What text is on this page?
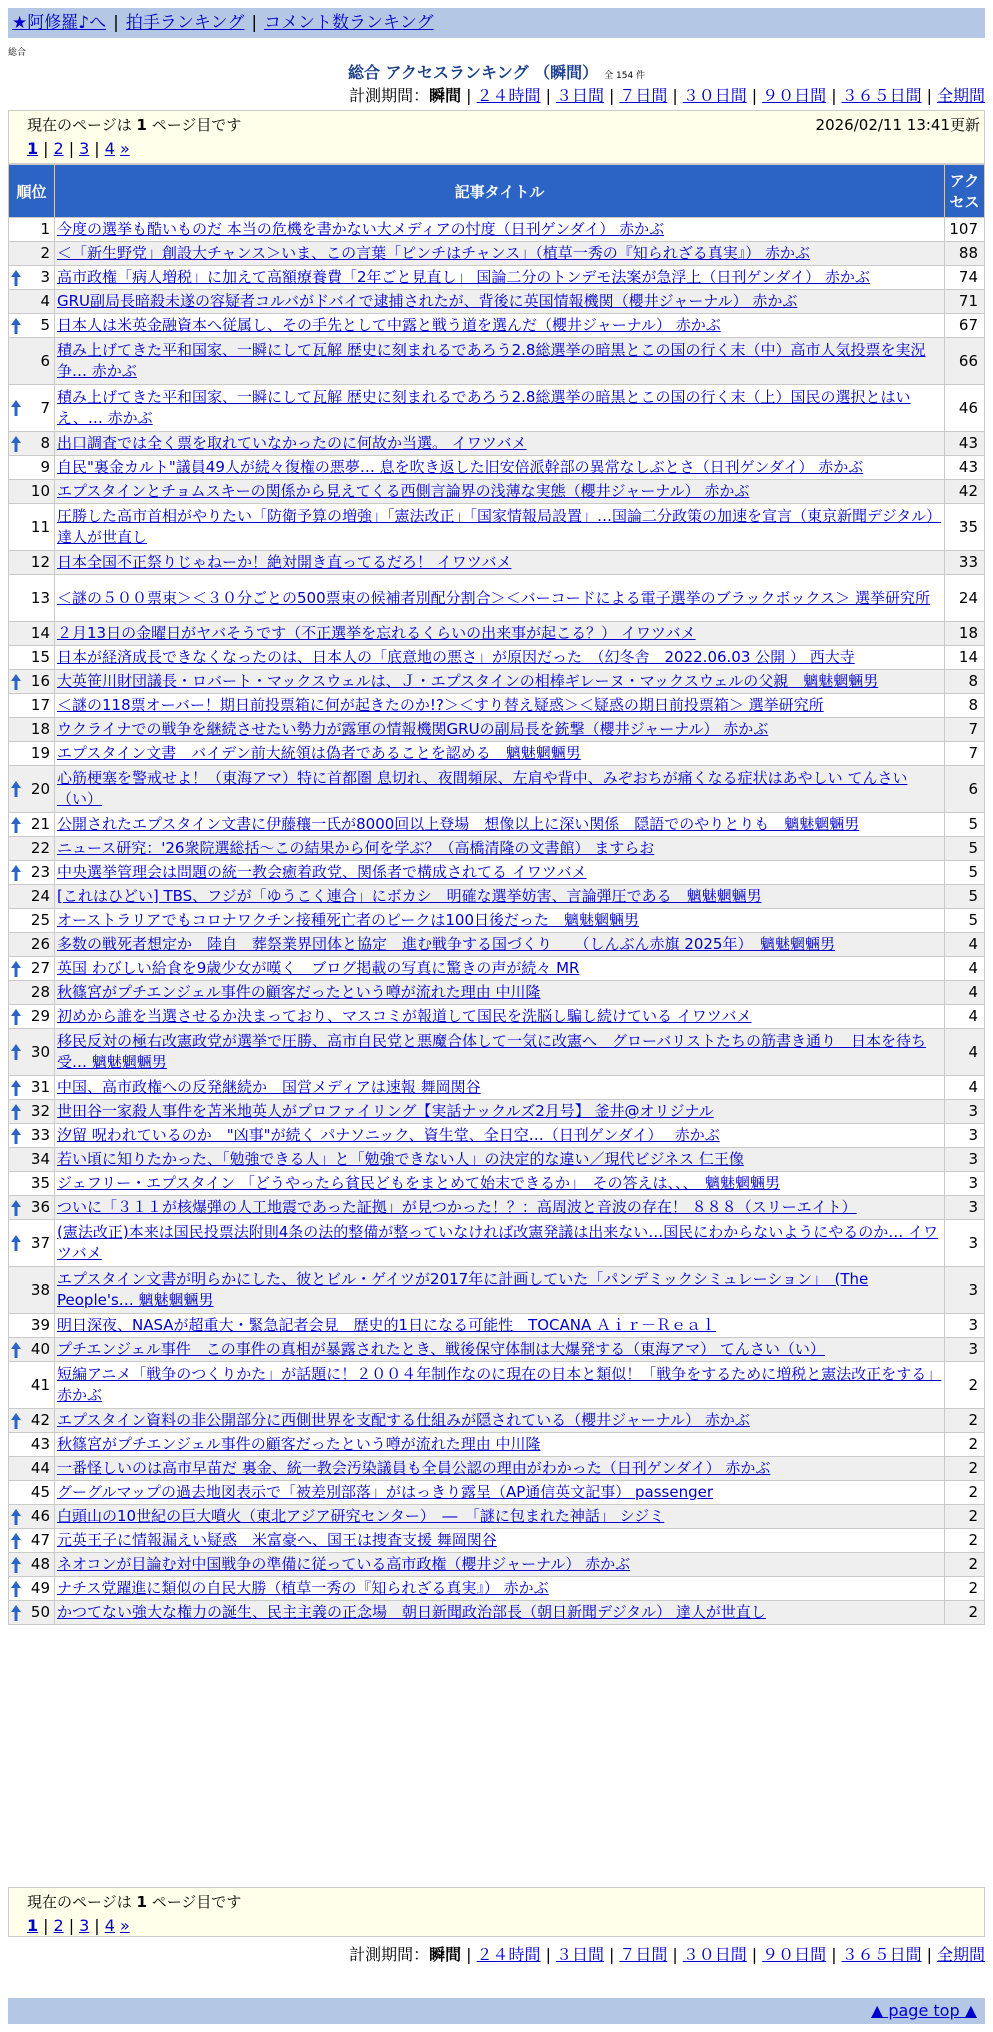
★阿修羅♪へ | 拍手ランキング | コメント数ランキング
総合
総合 アクセスランキング （瞬間） 全 154 件
計測期間：瞬間 | ２４時間 | ３日間 | ７日間 | ３０日間 | ９０日間 | ３６５日間 | 全期間
現在のページは 1 ページ目です	2026/02/11 13:41更新
1 | 2 | 3 | 4 »
順位	記事タイトル	アクセス
1	今度の選挙も酷いものだ 本当の危機を書かない大メディアの忖度（日刊ゲンダイ） 赤かぶ	107
2	＜「新生野党」創設大チャンス＞いま、この言葉「ピンチはチャンス」（植草一秀の『知られざる真実』） 赤かぶ	88

3	高市政権「病人増税」に加えて高額療養費「2年ごと見直し」 国論二分のトンデモ法案が急浮上（日刊ゲンダイ） 赤かぶ	74
4	GRU副局長暗殺未遂の容疑者コルバがドバイで逮捕されたが、背後に英国情報機関（櫻井ジャーナル） 赤かぶ	71

5	日本人は米英金融資本へ従属し、その手先として中露と戦う道を選んだ（櫻井ジャーナル） 赤かぶ	67
6	積み上げてきた平和国家、一瞬にして瓦解 歴史に刻まれるであろう2.8総選挙の暗黒とこの国の行く末（中）高市人気投票を実況争… 赤かぶ	66

7	積み上げてきた平和国家、一瞬にして瓦解 歴史に刻まれるであろう2.8総選挙の暗黒とこの国の行く末（上）国民の選択とはいえ、… 赤かぶ	46

8	出口調査では全く票を取れていなかったのに何故か当選。 イワツバメ	43
9	自民"裏金カルト"議員49人が続々復権の悪夢… 息を吹き返した旧安倍派幹部の異常なしぶとさ（日刊ゲンダイ） 赤かぶ	43
10	エプスタインとチョムスキーの関係から見えてくる西側言論界の浅薄な実態（櫻井ジャーナル） 赤かぶ	42
11	圧勝した高市首相がやりたい「防衛予算の増強」「憲法改正」「国家情報局設置」…国論二分政策の加速を宣言（東京新聞デジタル） 達人が世直し	35
12	日本全国不正祭りじゃねーか！絶対開き直ってるだろ！ イワツバメ	33
13	＜謎の５００票束＞＜３０分ごとの500票束の候補者別配分割合＞＜バーコードによる電子選挙のブラックボックス＞ 選挙研究所	24
14	２月13日の金曜日がヤバそうです（不正選挙を忘れるくらいの出来事が起こる？） イワツバメ	18
15	日本が経済成長できなくなったのは、日本人の「底意地の悪さ」が原因だった　（幻冬舎　2022.06.03 公開 ） 西大寺	14

16	大英笹川財団議長・ロバート・マックスウェルは、Ｊ・エプスタインの相棒ギレーヌ・マックスウェルの父親　魑魅魍魎男	8
17	＜謎の118票オーバー！期日前投票箱に何が起きたのか!?＞＜すり替え疑惑＞＜疑惑の期日前投票箱＞ 選挙研究所	8
18	ウクライナでの戦争を継続させたい勢力が露軍の情報機関GRUの副局長を銃撃（櫻井ジャーナル） 赤かぶ	7
19	エプスタイン文書　バイデン前大統領は偽者であることを認める　魑魅魍魎男	7

20	心筋梗塞を警戒せよ！（東海アマ）特に首都圏 息切れ、夜間頻尿、左肩や背中、みぞおちが痛くなる症状はあやしい てんさい（い）	6

21	公開されたエプスタイン文書に伊藤穰一氏が8000回以上登場　想像以上に深い関係　隠語でのやりとりも　魑魅魍魎男	5
22	ニュース研究：'26衆院選総括～この結果から何を学ぶ？（高橋清隆の文書館） ますらお	5

23	中央選挙管理会は問題の統一教会癒着政党、関係者で構成されてる イワツバメ	5
24	[これはひどい] TBS、フジが「ゆうこく連合」にボカシ　明確な選挙妨害、言論弾圧である　魑魅魍魎男	5
25	オーストラリアでもコロナワクチン接種死亡者のピークは100日後だった　魑魅魍魎男	5
26	多数の戦死者想定か　陸自　葬祭業界団体と協定　進む戦争する国づくり　　（しんぶん赤旗 2025年）　魑魅魍魎男	4

27	英国 わびしい給食を9歳少女が嘆く　ブログ掲載の写真に驚きの声が続々 MR	4
28	秋篠宮がプチエンジェル事件の顧客だったという噂が流れた理由 中川隆	4

29	初めから誰を当選させるか決まっており、マスコミが報道して国民を洗脳し騙し続けている イワツバメ	4

30	移民反対の極右改憲政党が選挙で圧勝、高市自民党と悪魔合体して一気に改憲へ　グローバリストたちの筋書き通り　日本を待ち受… 魑魅魍魎男	4

31	中国、高市政権への反発継続か　国営メディアは速報 舞岡関谷	4

32	世田谷一家殺人事件を苫米地英人がプロファイリング【実話ナックルズ2月号】 釜井@オリジナル	3

33	汐留 呪われているのか　"凶事"が続く パナソニック、資生堂、全日空…（日刊ゲンダイ）　 赤かぶ	3
34	若い頃に知りたかった、「勉強できる人」と「勉強できない人」の決定的な違い／現代ビジネス 仁王像	3
35	ジェフリー・エプスタイン 「どうやったら貧民どもをまとめて始末できるか」　その答えは、、、　魑魅魍魎男	3

36	ついに「３１１が核爆弾の人工地震であった証拠」が見つかった！？：高周波と音波の存在！ ８８８（スリーエイト）	3

37	(憲法改正)本来は国民投票法附則4条の法的整備が整っていなければ改憲発議は出来ない…国民にわからないようにやるのか… イワツバメ	3
38	エプスタイン文書が明らかにした、彼とビル・ゲイツが2017年に計画していた「パンデミックシミュレーション」　(The People's… 魑魅魍魎男	3
39	明日深夜、NASAが超重大・緊急記者会見　歴史的1日になる可能性　TOCANA Ａｉｒ－Ｒｅａｌ	3

40	プチエンジェル事件　この事件の真相が暴露されたとき、戦後保守体制は大爆発する（東海アマ） てんさい（い）	3
41	短編アニメ「戦争のつくりかた」が話題に！２００４年制作なのに現在の日本と類似！「戦争をするために増税と憲法改正をする」 赤かぶ	2

42	エプスタイン資料の非公開部分に西側世界を支配する仕組みが隠されている（櫻井ジャーナル） 赤かぶ	2
43	秋篠宮がプチエンジェル事件の顧客だったという噂が流れた理由 中川隆	2
44	一番怪しいのは高市早苗だ 裏金、統一教会汚染議員も全員公認の理由がわかった（日刊ゲンダイ） 赤かぶ	2
45	グーグルマップの過去地図表示で「被差別部落」がはっきり露呈（AP通信英文記事） passenger	2

46	白頭山の10世紀の巨大噴火（東北アジア研究センター）　―　「謎に包まれた神話」 シジミ	2

47	元英王子に情報漏えい疑惑　米富豪へ、国王は捜査支援 舞岡関谷	2

48	ネオコンが目論む対中国戦争の準備に従っている高市政権（櫻井ジャーナル） 赤かぶ	2

49	ナチス党躍進に類似の自民大勝（植草一秀の『知られざる真実』） 赤かぶ	2

50	かつてない強大な権力の誕生、民主主義の正念場　朝日新聞政治部長（朝日新聞デジタル） 達人が世直し	2
現在のページは 1 ページ目です
1 | 2 | 3 | 4 »
計測期間：瞬間 | ２４時間 | ３日間 | ７日間 | ３０日間 | ９０日間 | ３６５日間 | 全期間
▲ page top ▲
